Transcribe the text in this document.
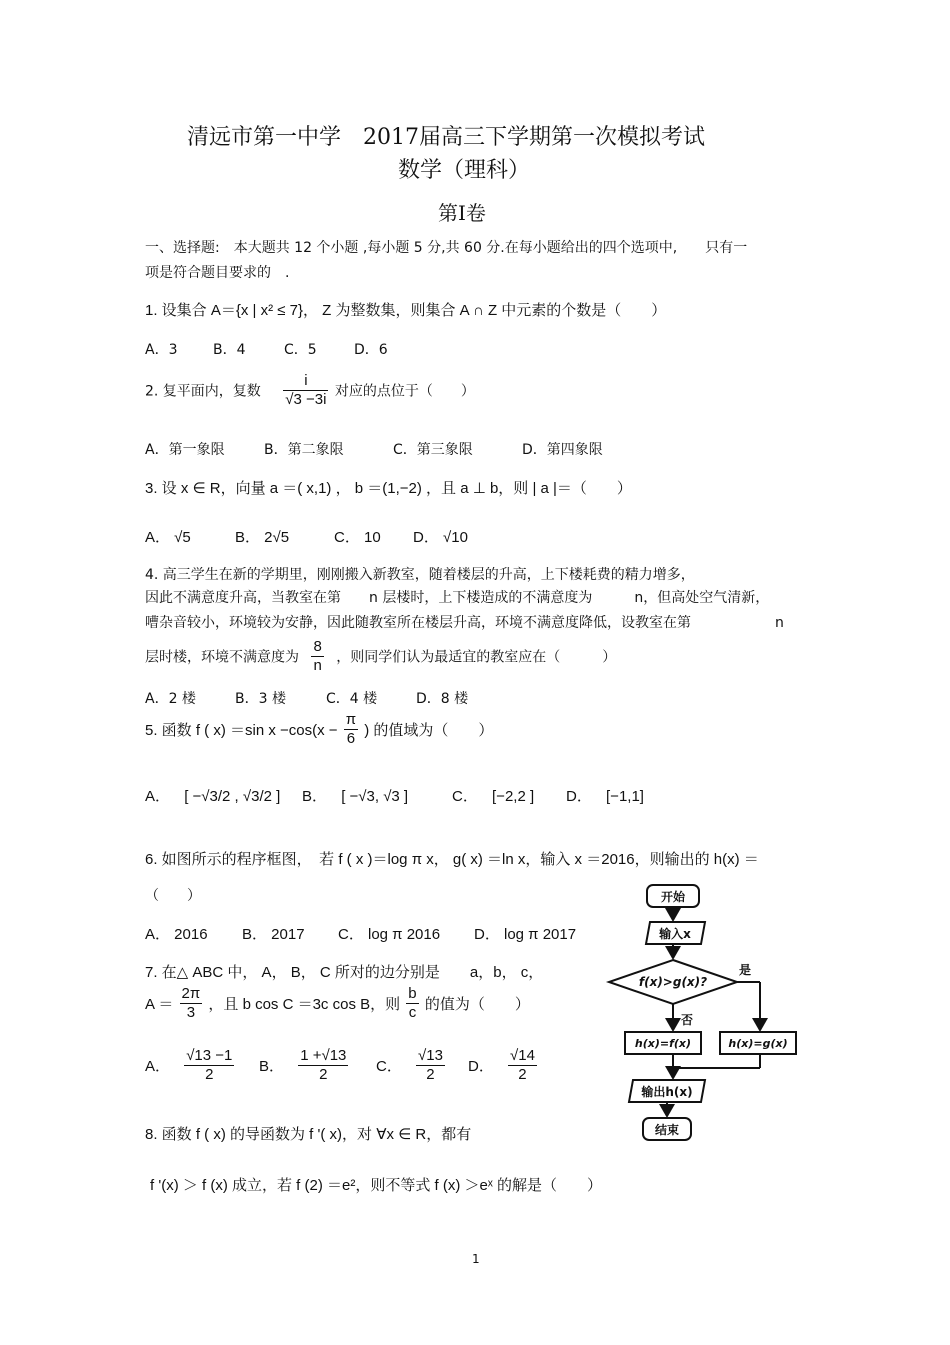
清远市第一中学　2017届高三下学期第一次模拟考试
数学（理科）
第Ⅰ卷
一、选择题:　本大题共 12 个小题 ,每小题 5 分,共 60 分.在每小题给出的四个选项中,　　只有一
项是符合题目要求的　.
1. 设集合 A＝{x | x² ≤ 7}， Z 为整数集，则集合 A ∩ Z 中元素的个数是（　　）
A．3	B．4	C．5	D．6
2. 复平面内，复数 $\frac{i}{√3 -3i}$ 对应的点位于（　　）
A．第一象限	B．第二象限	C．第三象限	D．第四象限
3. 设 x ∈ R，向量 a ＝( x,1) ， b ＝(1,−2) ，且 a ⊥ b，则 | a |＝（　　）
A． √5	B． 2√5	C． 10 D． √10
4. 高三学生在新的学期里，刚刚搬入新教室，随着楼层的升高，上下楼耗费的精力增多，
因此不满意度升高，当教室在第　　n 层楼时，上下楼造成的不满意度为　　　n，但高处空气清新，
嘈杂音较小，环境较为安静，因此随教室所在楼层升高，环境不满意度降低，设教室在第　　　　　　n
层时楼，环境不满意度为 $\frac{8}{n}$ ，则同学们认为最适宜的教室应在（　　　）
A．2 楼	B．3 楼	C．4 楼	D．8 楼
5. 函数 f ( x) ＝sin $x -\cos(x - \frac{\pi}{6}$ ) 的值域为（　　）
A． [ −√3/2 , √3/2 ] B． [ −√3, √3 ]	C． [−2,2 ] D． [−1,1]
6. 如图所示的程序框图，　若 f ( x )＝log π x， g( x) ＝ln x，输入 x ＝2016，则输出的 h(x) ＝
（　　）
A． 2016 B． 2017 C． log π 2016 D． log π 2017
7. 在△ ABC 中， A， B， C 所对的边分别是　　a，b， c，
$A = \frac{2\pi}{3}$ ，且 b cos C ＝3c cos B，则 $\frac{b}{c}$ 的值为（　　）
A． $\frac{√13 -1}{2}$ B． $\frac{1 +√13}{2}$ C． $\frac{√13}{2}$ D． $\frac{√14}{2}$
8. 函数 f ( x) 的导函数为 f '( x)，对 ∀x ∈ R，都有
f '(x) ＞ f (x) 成立，若 f (2) ＝e²，则不等式 f (x) ＞eˣ 的解是（　　）
开始
输入x
f(x)>g(x)?
是
否
h(x)=f(x)	h(x)=g(x)
输出h(x)
结束
1
